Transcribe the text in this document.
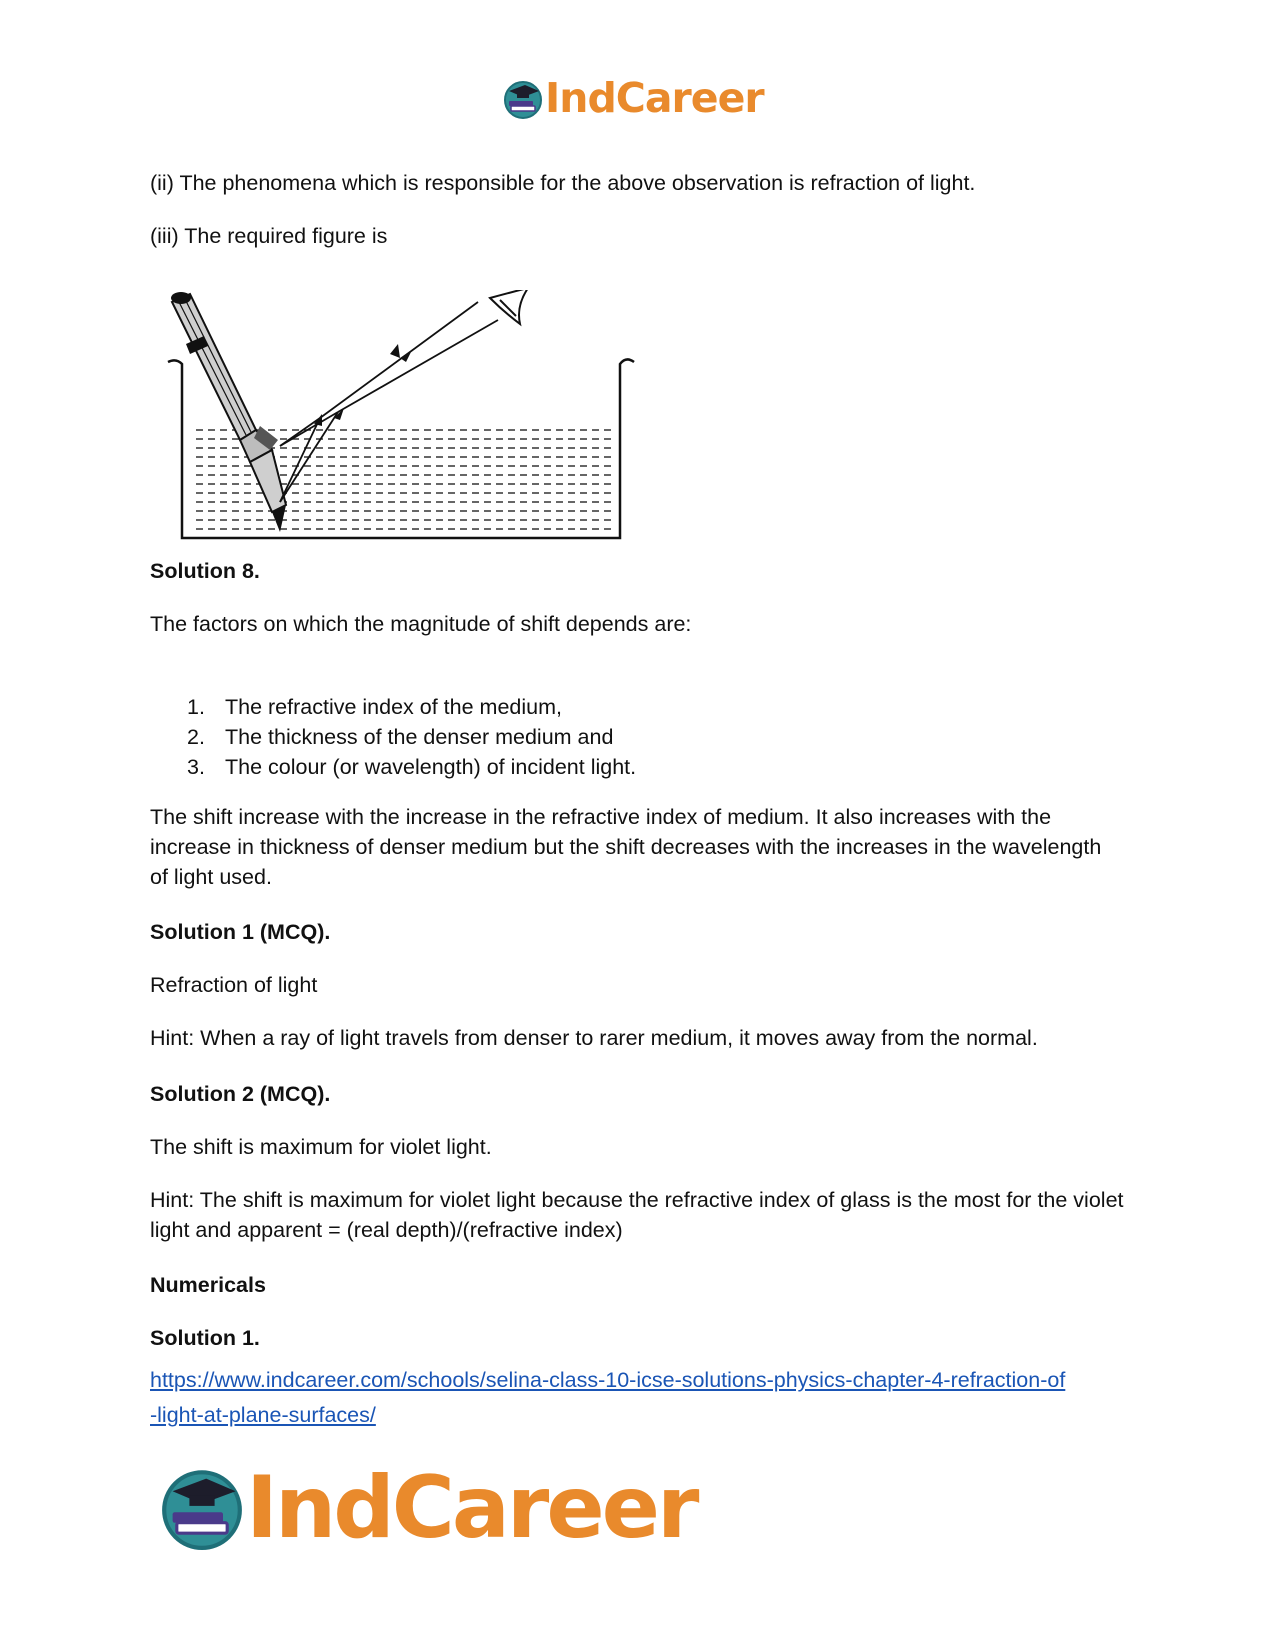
IndCareer

(ii) The phenomena which is responsible for the above observation is refraction of light.

(iii) The required figure is

Solution 8.

The factors on which the magnitude of shift depends are:

1. The refractive index of the medium,
2. The thickness of the denser medium and
3. The colour (or wavelength) of incident light.

The shift increase with the increase in the refractive index of medium. It also increases with the increase in thickness of denser medium but the shift decreases with the increases in the wavelength of light used.

Solution 1 (MCQ).

Refraction of light

Hint: When a ray of light travels from denser to rarer medium, it moves away from the normal.

Solution 2 (MCQ).

The shift is maximum for violet light.

Hint: The shift is maximum for violet light because the refractive index of glass is the most for the violet light and apparent = (real depth)/(refractive index)

Numericals

Solution 1.

https://www.indcareer.com/schools/selina-class-10-icse-solutions-physics-chapter-4-refraction-of
-light-at-plane-surfaces/
IndCareer
